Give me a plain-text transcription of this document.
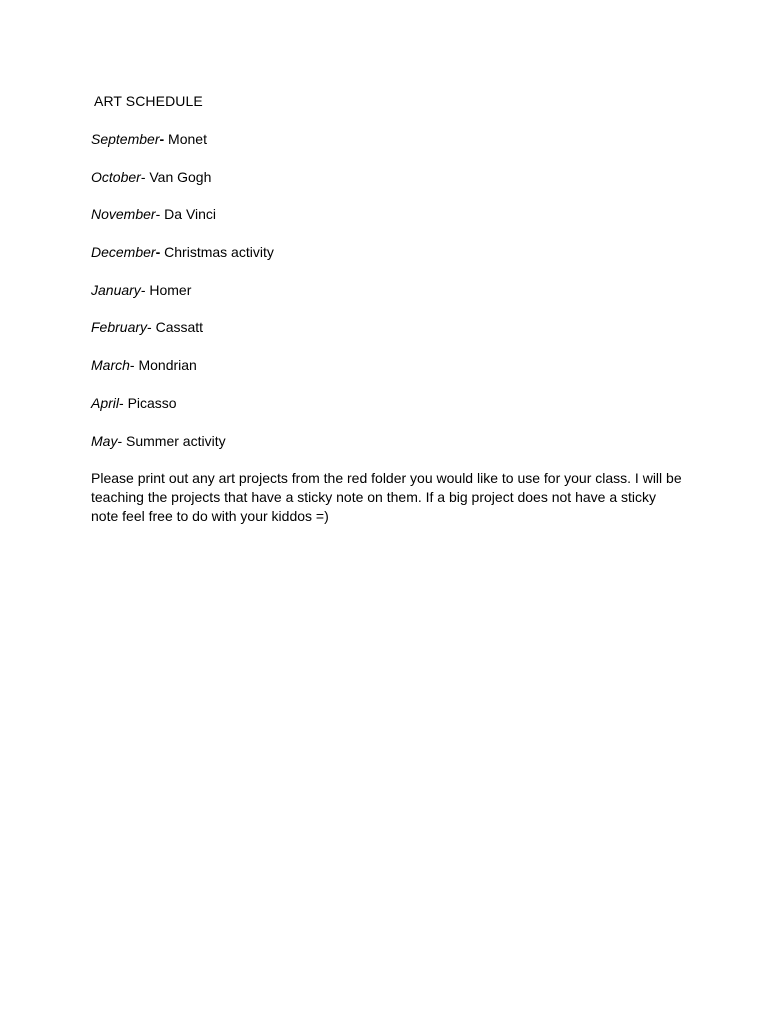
ART SCHEDULE
September- Monet
October- Van Gogh
November- Da Vinci
December- Christmas activity
January- Homer
February- Cassatt
March- Mondrian
April- Picasso
May- Summer activity

Please print out any art projects from the red folder you would like to use for your class. I will be
teaching the projects that have a sticky note on them. If a big project does not have a sticky
note feel free to do with your kiddos =)
